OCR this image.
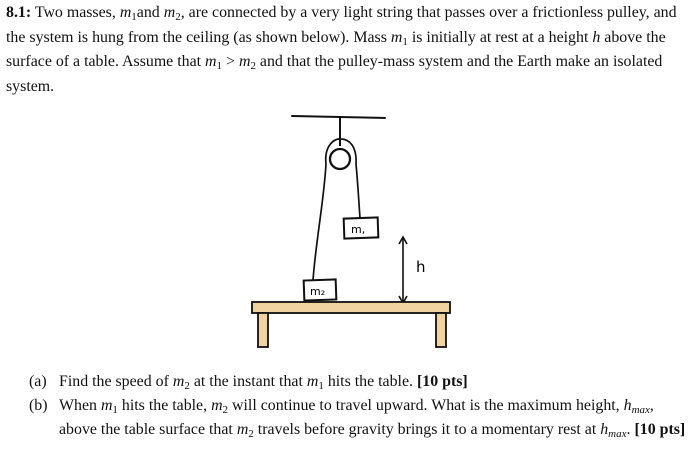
8.1: Two masses, $m_1and$ $m_2$, are connected by a very light string that passes over a frictionless pulley, and the system is hung from the ceiling (as shown below). Mass $m_1$ is initially at rest at a height h above the surface of a table. Assume that $m_1 > m_2$ and that the pulley-mass system and the Earth make an isolated system.

m,
m₂
h

(a) Find the speed of $m_2$ at the instant that $m_1$ hits the table. [10 pts]

(b) When $m_1$ hits the table, $m_2$ will continue to travel upward. What is the maximum height, hmax, above the table surface that $m_2$ travels before gravity brings it to a momentary rest at hmax. [10 pts]
